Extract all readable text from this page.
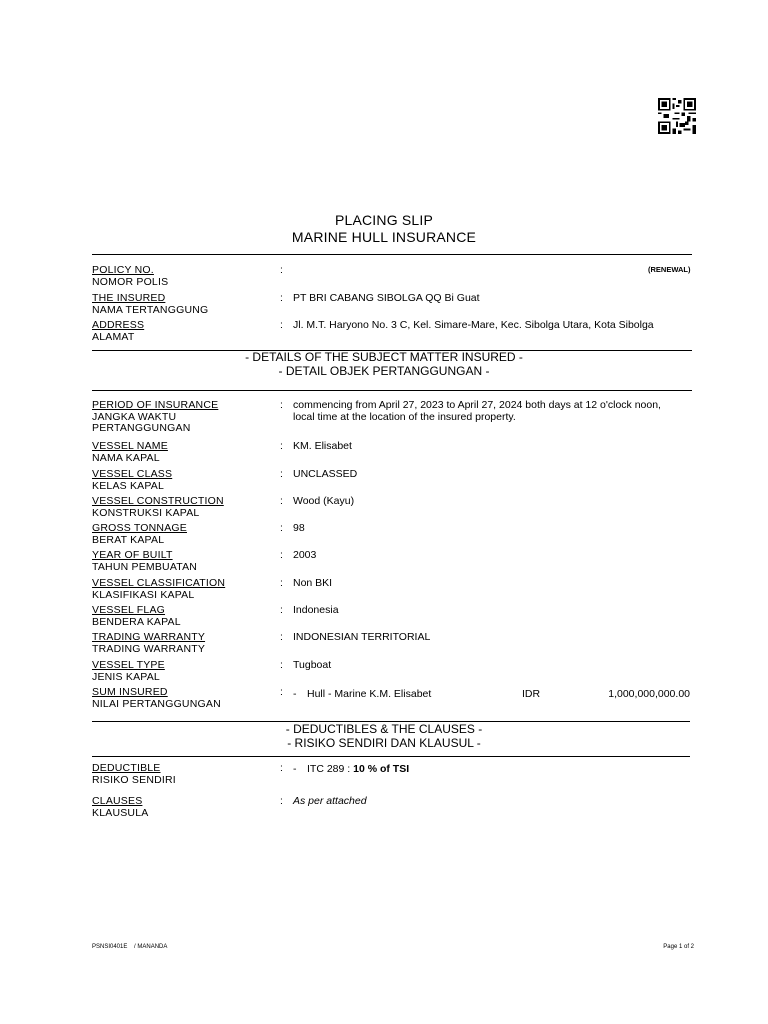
PLACING SLIP
MARINE HULL INSURANCE
POLICY NO.
NOMOR POLIS
:	(RENEWAL)
THE INSURED
NAMA TERTANGGUNG
: PT BRI CABANG SIBOLGA QQ Bi Guat
ADDRESS
ALAMAT
: Jl. M.T. Haryono No. 3 C, Kel. Simare-Mare, Kec. Sibolga Utara, Kota Sibolga
- DETAILS OF THE SUBJECT MATTER INSURED -
- DETAIL OBJEK PERTANGGUNGAN -
PERIOD OF INSURANCE
JANGKA WAKTU
PERTANGGUNGAN
: commencing from April 27, 2023 to April 27, 2024 both days at 12 o'clock noon,
local time at the location of the insured property.
VESSEL NAME
NAMA KAPAL
: KM. Elisabet
VESSEL CLASS
KELAS KAPAL
: UNCLASSED
VESSEL CONSTRUCTION
KONSTRUKSI KAPAL
: Wood (Kayu)
GROSS TONNAGE
BERAT KAPAL
: 98
YEAR OF BUILT
TAHUN PEMBUATAN
: 2003
VESSEL CLASSIFICATION
KLASIFIKASI KAPAL
: Non BKI
VESSEL FLAG
BENDERA KAPAL
: Indonesia
TRADING WARRANTY
TRADING WARRANTY
: INDONESIAN TERRITORIAL
VESSEL TYPE
JENIS KAPAL
: Tugboat
SUM INSURED
NILAI PERTANGGUNGAN
: - Hull - Marine K.M. Elisabet	IDR	1,000,000,000.00
- DEDUCTIBLES & THE CLAUSES -
- RISIKO SENDIRI DAN KLAUSUL -
DEDUCTIBLE
RISIKO SENDIRI
: - ITC 289 : 10 % of TSI
CLAUSES
KLAUSULA
: As per attached
PSNSI0401E    / MANANDA	Page 1 of 2
